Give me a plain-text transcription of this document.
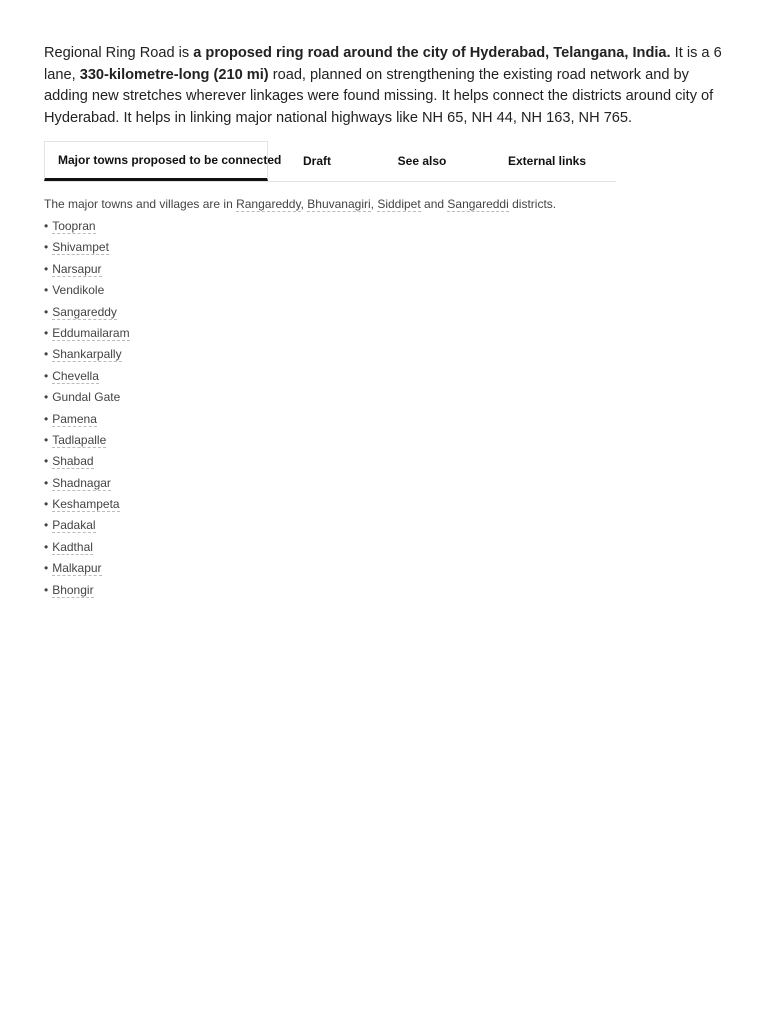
Regional Ring Road is a proposed ring road around the city of Hyderabad, Telangana, India. It is a 6 lane, 330-kilometre-long (210 mi) road, planned on strengthening the existing road network and by adding new stretches wherever linkages were found missing. It helps connect the districts around city of Hyderabad. It helps in linking major national highways like NH 65, NH 44, NH 163, NH 765.

Major towns proposed to be connected Draft	See also	External links

The major towns and villages are in Rangareddy, Bhuvanagiri, Siddipet and Sangareddi districts.

• Toopran
• Shivampet
• Narsapur
• Vendikole
• Sangareddy
• Eddumailaram
• Shankarpally
• Chevella
• Gundal Gate
• Pamena
• Tadlapalle
• Shabad
• Shadnagar
• Keshampeta
• Padakal
• Kadthal
• Malkapur
• Bhongir
